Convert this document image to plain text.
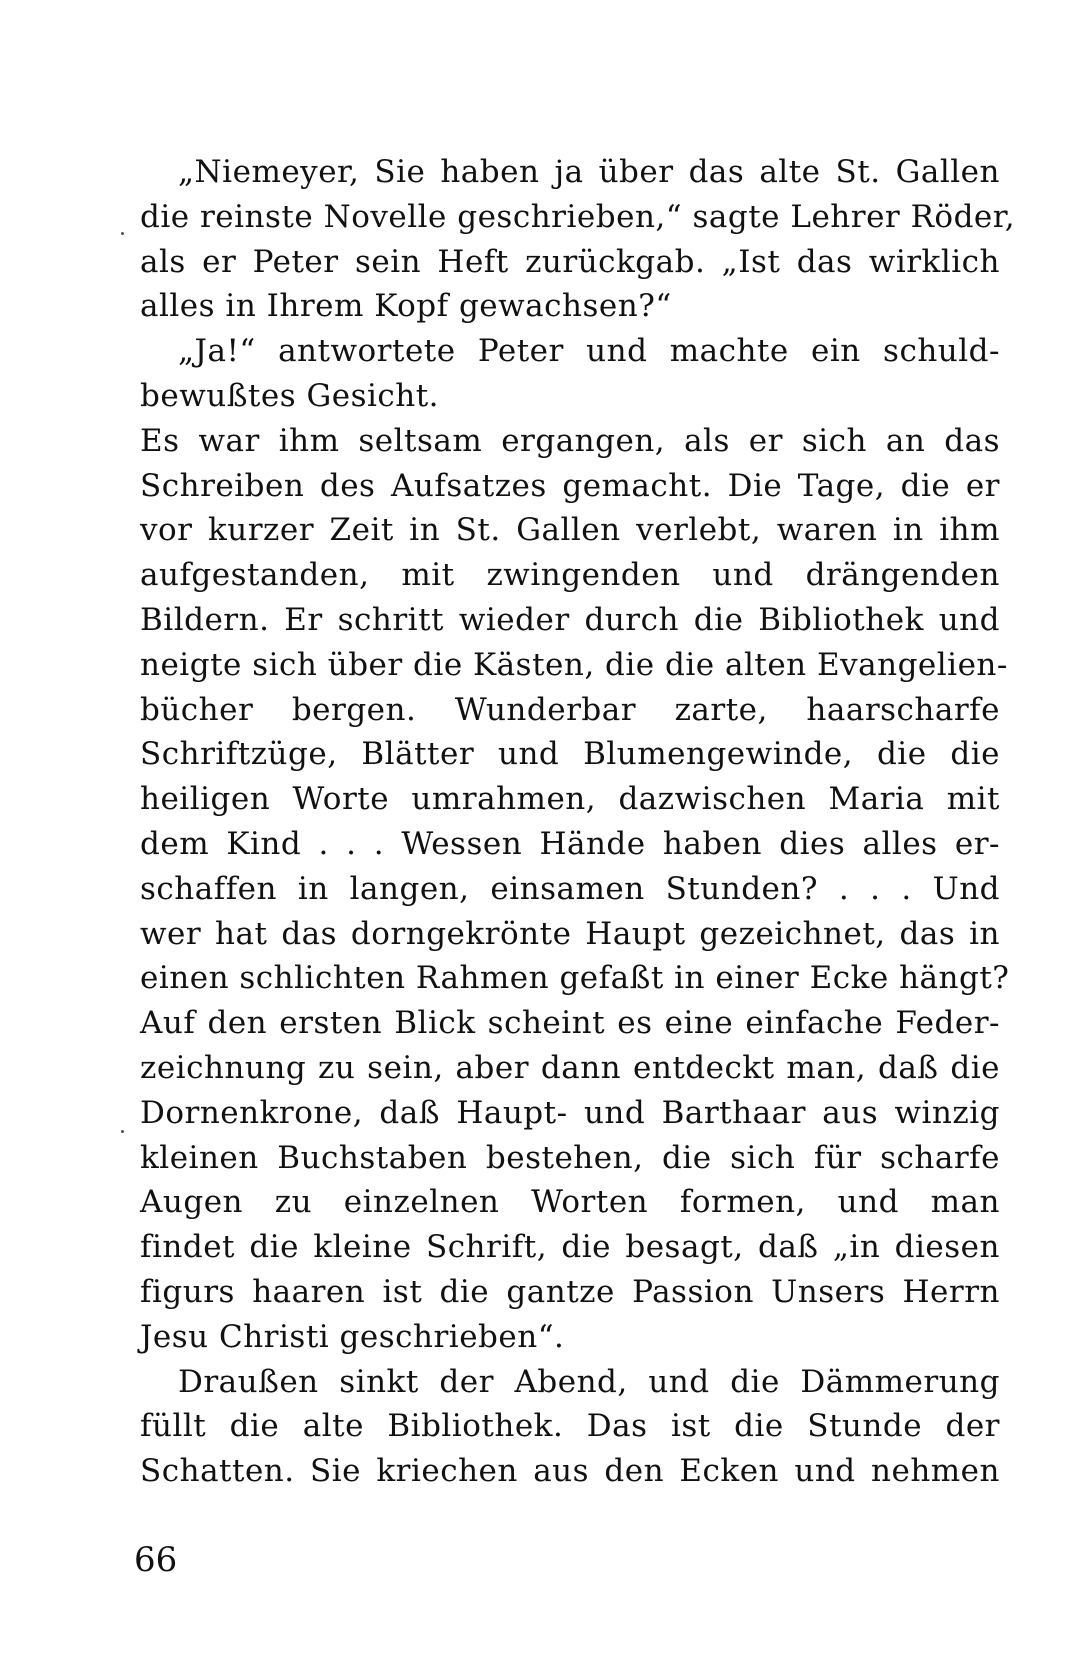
„Niemeyer, Sie haben ja über das alte St. Gallen
die reinste Novelle geschrieben,“ sagte Lehrer Röder,
als er Peter sein Heft zurückgab. „Ist das wirklich
alles in Ihrem Kopf gewachsen?“
„Ja!“ antwortete Peter und machte ein schuld-
bewußtes Gesicht.
Es war ihm seltsam ergangen, als er sich an das
Schreiben des Aufsatzes gemacht. Die Tage, die er
vor kurzer Zeit in St. Gallen verlebt, waren in ihm
aufgestanden, mit zwingenden und drängenden
Bildern. Er schritt wieder durch die Bibliothek und
neigte sich über die Kästen, die die alten Evangelien-
bücher bergen. Wunderbar zarte, haarscharfe
Schriftzüge, Blätter und Blumengewinde, die die
heiligen Worte umrahmen, dazwischen Maria mit
dem Kind . . . Wessen Hände haben dies alles er-
schaffen in langen, einsamen Stunden? . . . Und
wer hat das dorngekrönte Haupt gezeichnet, das in
einen schlichten Rahmen gefaßt in einer Ecke hängt?
Auf den ersten Blick scheint es eine einfache Feder-
zeichnung zu sein, aber dann entdeckt man, daß die
Dornenkrone, daß Haupt- und Barthaar aus winzig
kleinen Buchstaben bestehen, die sich für scharfe
Augen zu einzelnen Worten formen, und man
findet die kleine Schrift, die besagt, daß „in diesen
figurs haaren ist die gantze Passion Unsers Herrn
Jesu Christi geschrieben“.
Draußen sinkt der Abend, und die Dämmerung
füllt die alte Bibliothek. Das ist die Stunde der
Schatten. Sie kriechen aus den Ecken und nehmen
66
